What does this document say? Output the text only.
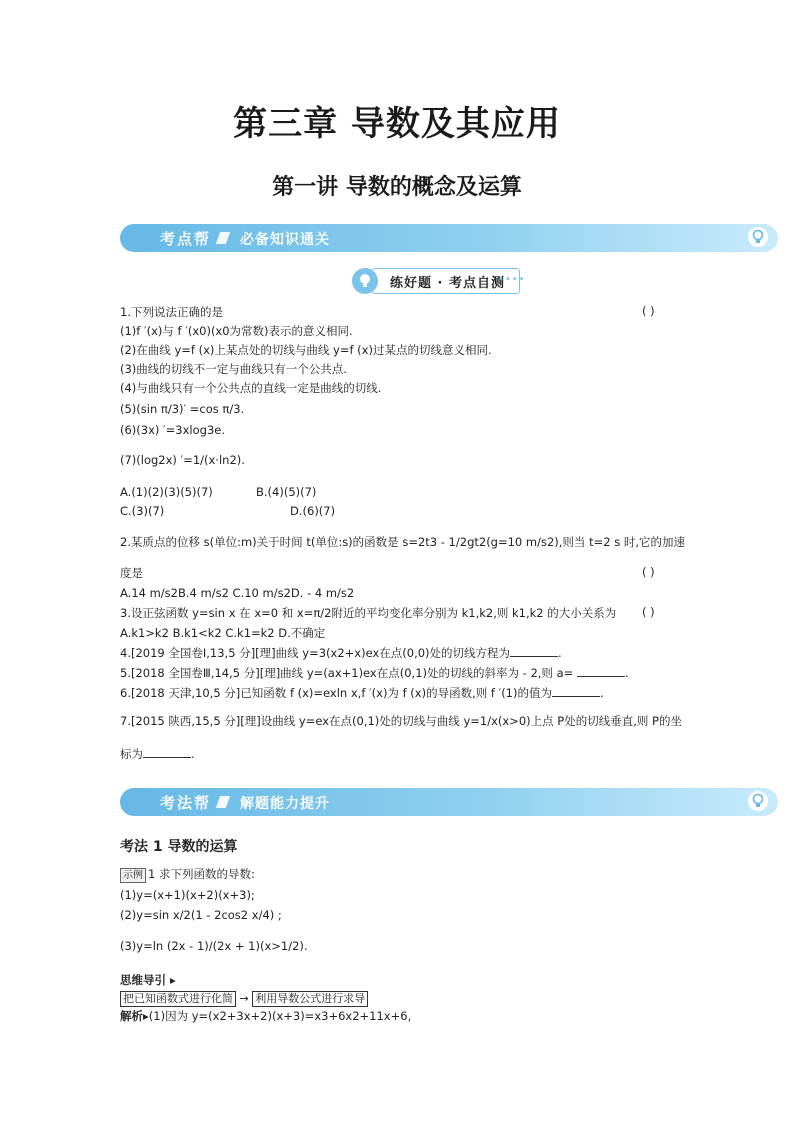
第三章 导数及其应用
第一讲 导数的概念及运算
考点帮 必备知识通关
练好题 · 考点自测
••••
1.下列说法正确的是	( )
(1)f ′(x)与 f ′(x0)(x0为常数)表示的意义相同.
(2)在曲线 y=f (x)上某点处的切线与曲线 y=f (x)过某点的切线意义相同.
(3)曲线的切线不一定与曲线只有一个公共点.
(4)与曲线只有一个公共点的直线一定是曲线的切线.
(5)(sin π/3)′ =cos π/3.
(6)(3x) ′=3xlog3e.
(7)(log2x) ′=1/(x·ln2).
A.(1)(2)(3)(5)(7)	B.(4)(5)(7)
C.(3)(7)	D.(6)(7)
2.某质点的位移 s(单位:m)关于时间 t(单位:s)的函数是 s=2t3 - 1/2gt2(g=10 m/s2),则当 t=2 s 时,它的加速
度是	( )
A.14 m/s2B.4 m/s2 C.10 m/s2D. - 4 m/s2
3.设正弦函数 y=sin x 在 x=0 和 x=π/2附近的平均变化率分别为 k1,k2,则 k1,k2 的大小关系为 ( )
A.k1>k2 B.k1<k2 C.k1=k2 D.不确定
4.[2019 全国卷Ⅰ,13,5 分][理]曲线 y=3(x2+x)ex在点(0,0)处的切线方程为	.
5.[2018 全国卷Ⅲ,14,5 分][理]曲线 y=(ax+1)ex在点(0,1)处的切线的斜率为 - 2,则 a=	.
6.[2018 天津,10,5 分]已知函数 f (x)=exln x,f ′(x)为 f (x)的导函数,则 f ′(1)的值为	.
7.[2015 陕西,15,5 分][理]设曲线 y=ex在点(0,1)处的切线与曲线 y=1/x(x>0)上点 P处的切线垂直,则 P的坐
标为	.
考法帮 解题能力提升
考法 1 导数的运算
示例 1 求下列函数的导数:
(1)y=(x+1)(x+2)(x+3);
(2)y=sin x/2(1 - 2cos2 x/4) ;
(3)y=ln (2x - 1)/(2x + 1)(x>1/2).
思维导引 ▸
把已知函数式进行化简 → 利用导数公式进行求导
解析▸(1)因为 y=(x2+3x+2)(x+3)=x3+6x2+11x+6,
